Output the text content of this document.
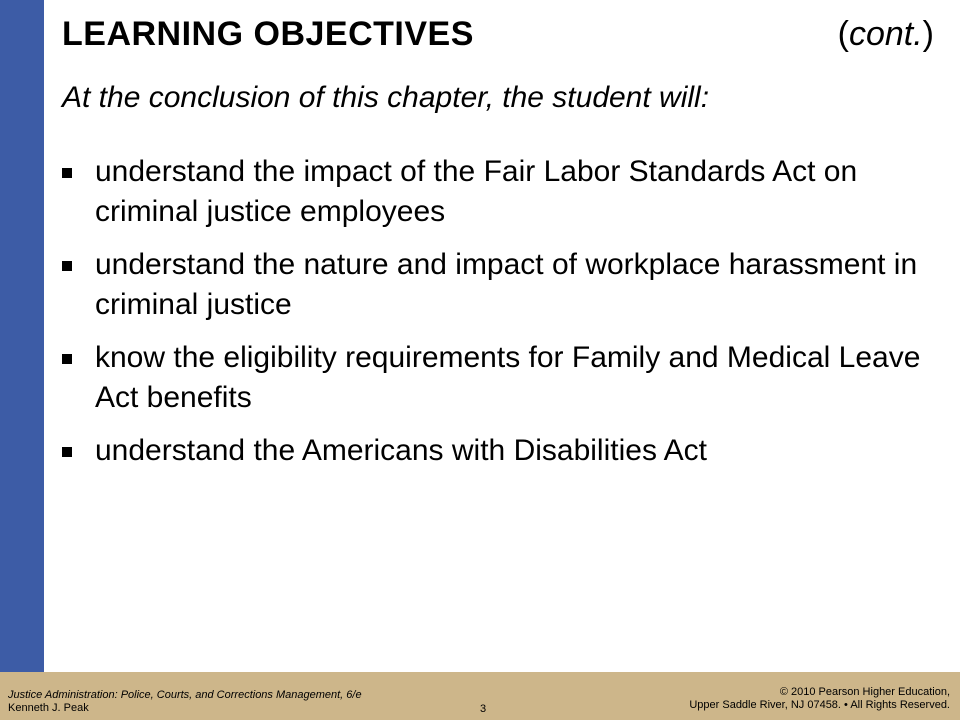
LEARNING OBJECTIVES	(cont.)
At the conclusion of this chapter, the student will:
understand the impact of the Fair Labor Standards Act on criminal justice employees
understand the nature and impact of workplace harassment in criminal justice
know the eligibility requirements for Family and Medical Leave Act benefits
understand the Americans with Disabilities Act
Justice Administration: Police, Courts, and Corrections Management, 6/e
Kenneth J. Peak	3
© 2010 Pearson Higher Education,
Upper Saddle River, NJ 07458. • All Rights Reserved.
